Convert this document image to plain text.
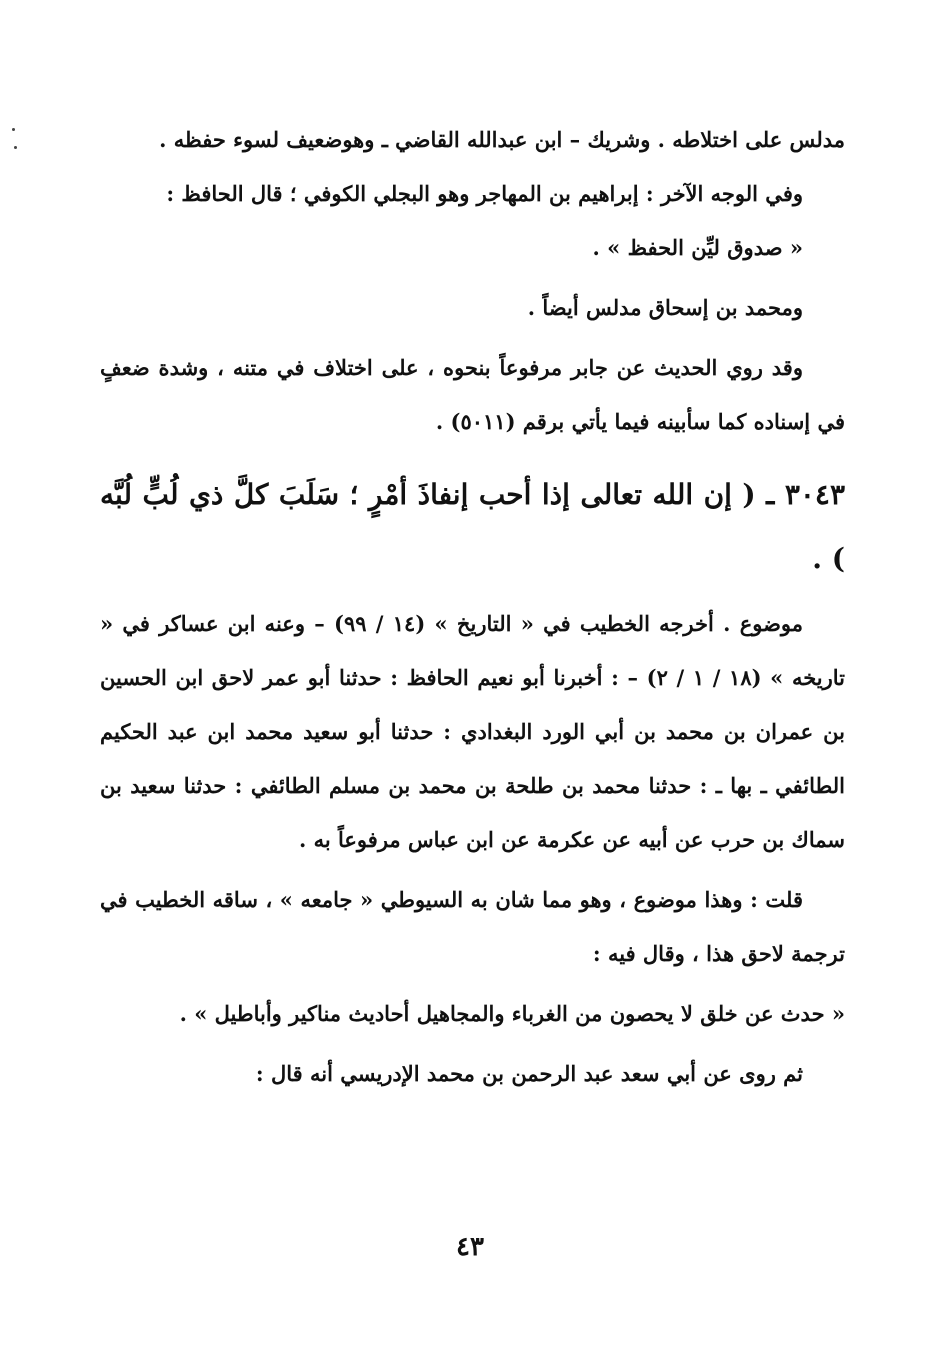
مدلس على اختلاطه . وشريك – ابن عبدالله القاضي ـ وهوضعيف لسوء حفظه .

وفي الوجه الآخر : إبراهيم بن المهاجر وهو البجلي الكوفي ؛ قال الحافظ :

« صدوق ليِّن الحفظ » .

ومحمد بن إسحاق مدلس أيضاً .

وقد روي الحديث عن جابر مرفوعاً بنحوه ، على اختلاف في متنه ، وشدة ضعفٍ في إسناده كما سأبينه فيما يأتي برقم (٥٠١١) .

٣٠٤٣ ـ ( إن الله تعالى إذا أحب إنفاذَ أمْرٍ ؛ سَلَبَ كلَّ ذي لُبٍّ لُبَّه ) .

موضوع . أخرجه الخطيب في « التاريخ » (١٤ / ٩٩) – وعنه ابن عساكر في « تاريخه » (١٨ / ١ / ٢) – : أخبرنا أبو نعيم الحافظ : حدثنا أبو عمر لاحق ابن الحسين بن عمران بن محمد بن أبي الورد البغدادي : حدثنا أبو سعيد محمد ابن عبد الحكيم الطائفي ـ بها ـ : حدثنا محمد بن طلحة بن محمد بن مسلم الطائفي : حدثنا سعيد بن سماك بن حرب عن أبيه عن عكرمة عن ابن عباس مرفوعاً به .

قلت : وهذا موضوع ، وهو مما شان به السيوطي « جامعه » ، ساقه الخطيب في ترجمة لاحق هذا ، وقال فيه :

« حدث عن خلق لا يحصون من الغرباء والمجاهيل أحاديث مناكير وأباطيل » .

ثم روى عن أبي سعد عبد الرحمن بن محمد الإدريسي أنه قال :

٤٣
